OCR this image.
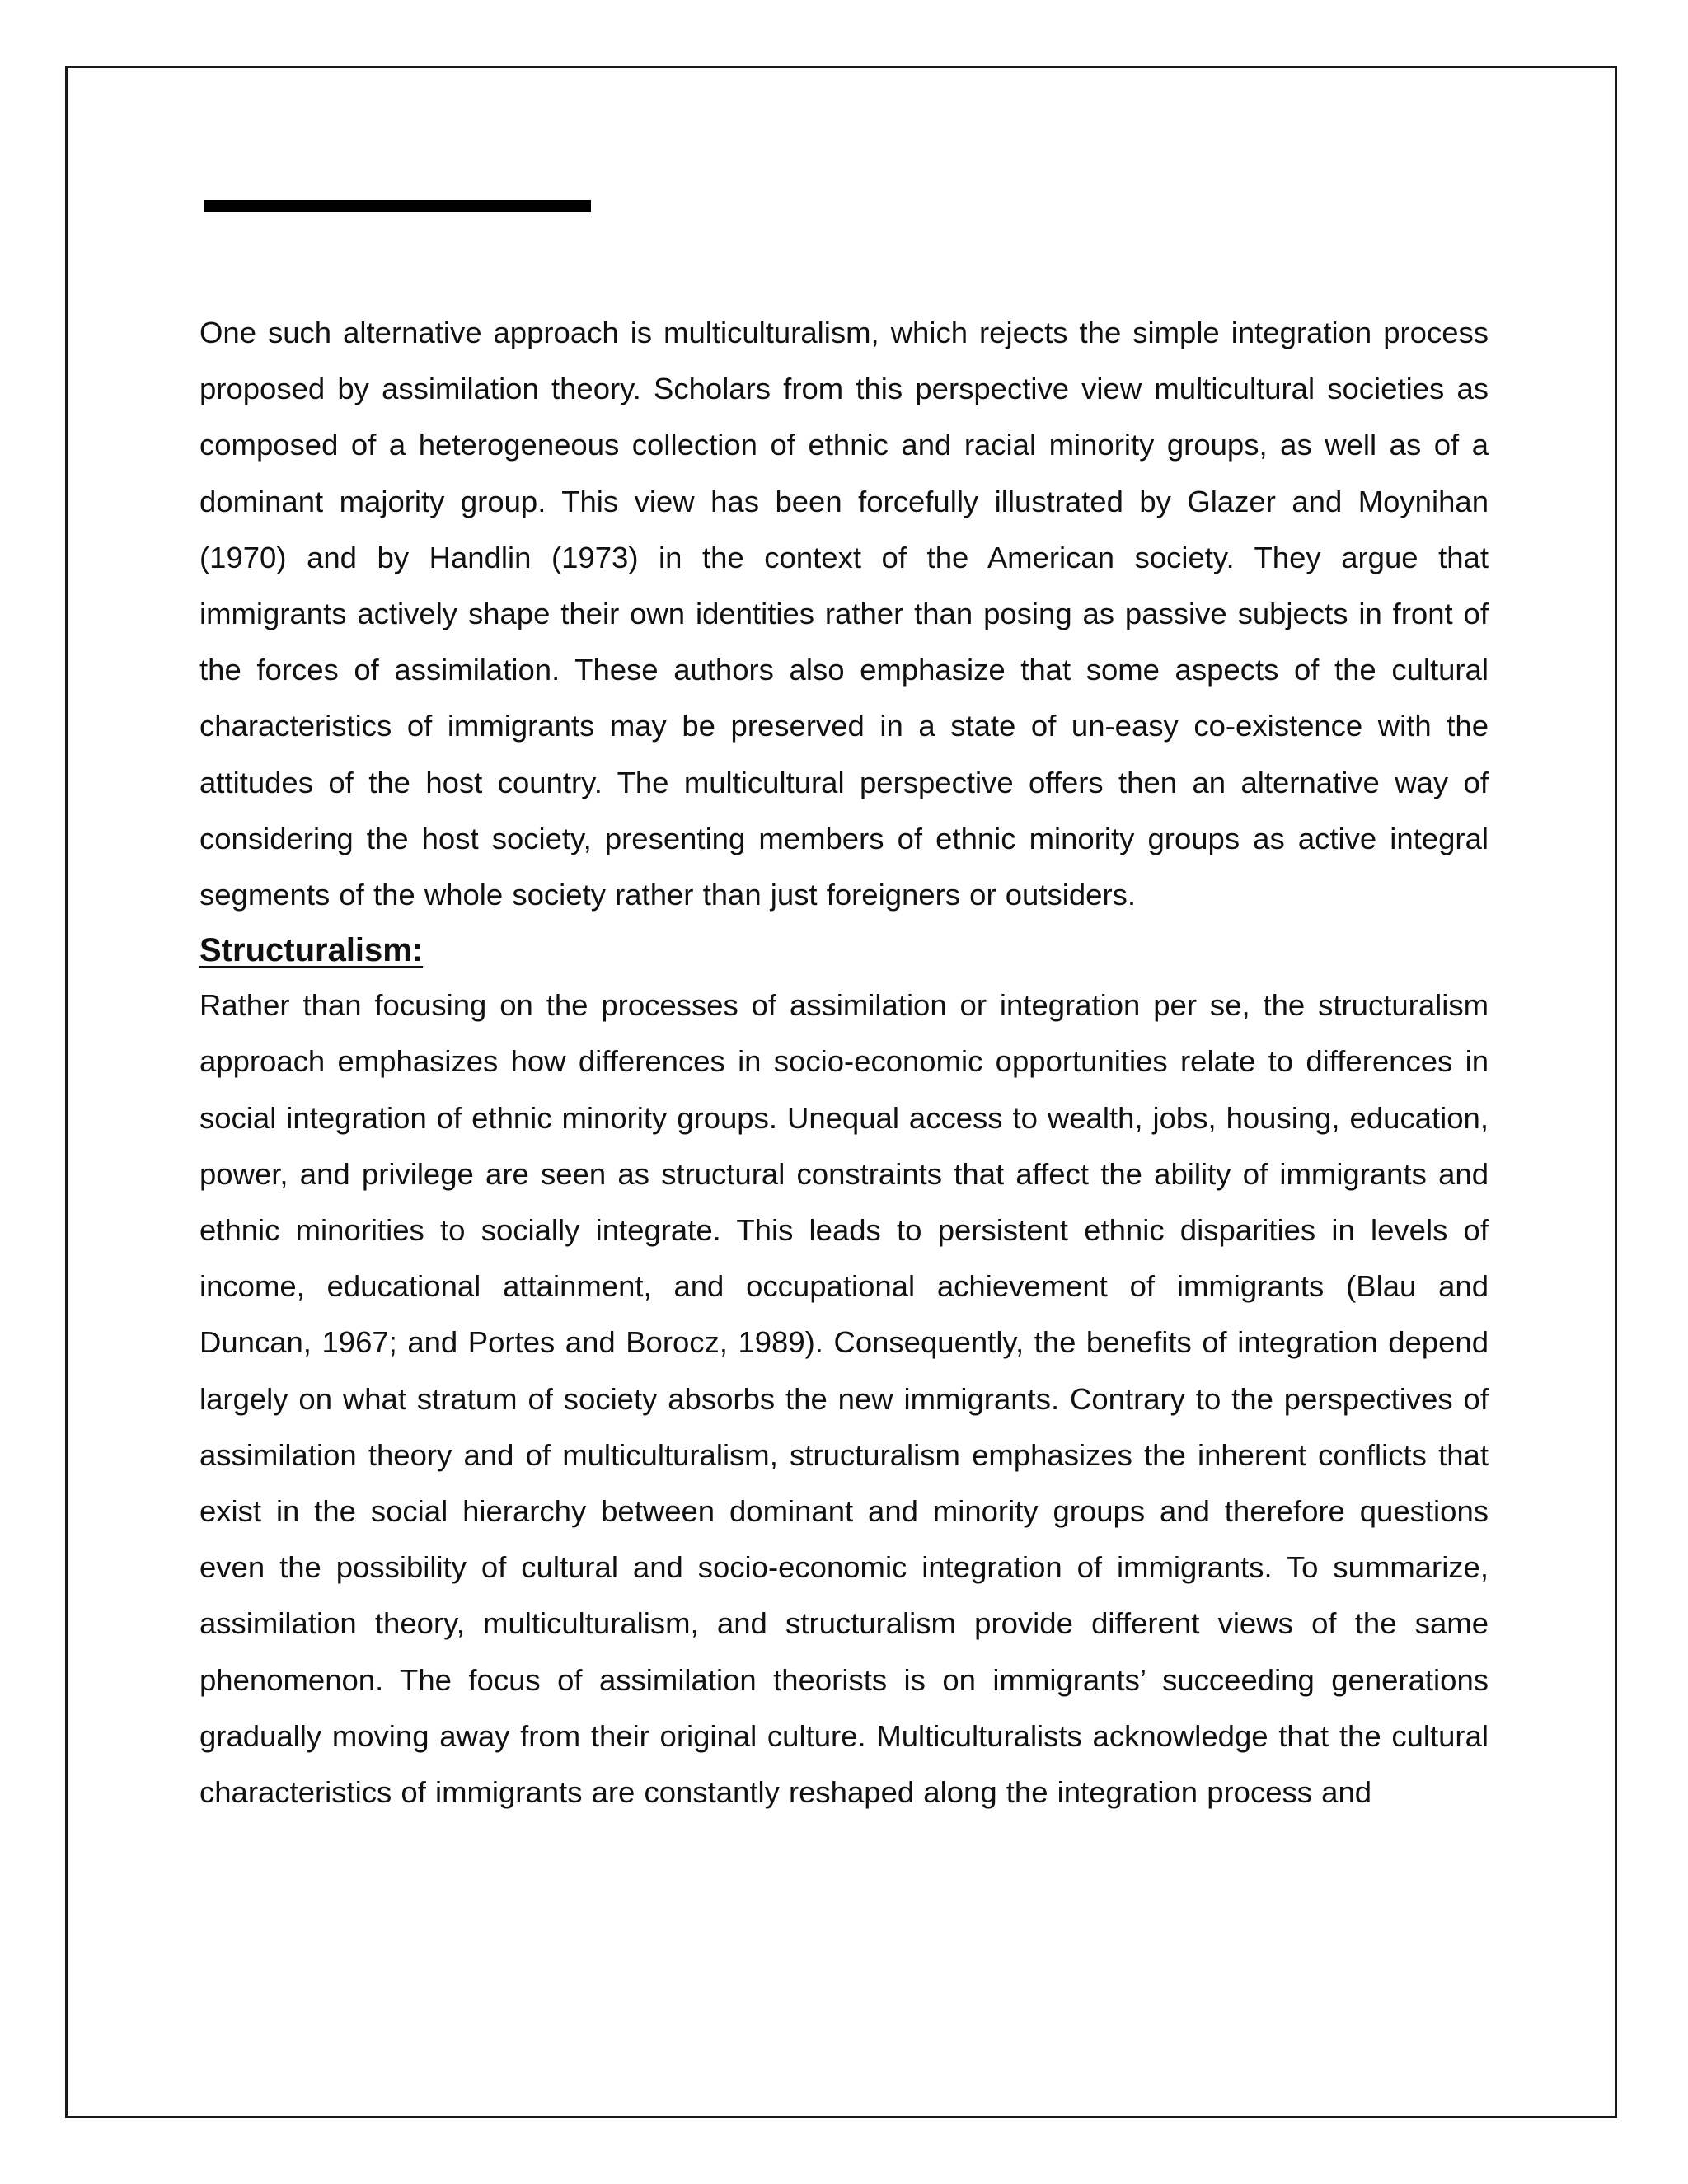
One such alternative approach is multiculturalism, which rejects the simple integration process proposed by assimilation theory. Scholars from this perspective view multicultural societies as composed of a heterogeneous collection of ethnic and racial minority groups, as well as of a dominant majority group. This view has been forcefully illustrated by Glazer and Moynihan (1970) and by Handlin (1973) in the context of the American society. They argue that immigrants actively shape their own identities rather than posing as passive subjects in front of the forces of assimilation. These authors also emphasize that some aspects of the cultural characteristics of immigrants may be preserved in a state of un-easy co-existence with the attitudes of the host country. The multicultural perspective offers then an alternative way of considering the host society, presenting members of ethnic minority groups as active integral segments of the whole society rather than just foreigners or outsiders.

Structuralism:

Rather than focusing on the processes of assimilation or integration per se, the structuralism approach emphasizes how differences in socio-economic opportunities relate to differences in social integration of ethnic minority groups. Unequal access to wealth, jobs, housing, education, power, and privilege are seen as structural constraints that affect the ability of immigrants and ethnic minorities to socially integrate. This leads to persistent ethnic disparities in levels of income, educational attainment, and occupational achievement of immigrants (Blau and Duncan, 1967; and Portes and Borocz, 1989). Consequently, the benefits of integration depend largely on what stratum of society absorbs the new immigrants. Contrary to the perspectives of assimilation theory and of multiculturalism, structuralism emphasizes the inherent conflicts that exist in the social hierarchy between dominant and minority groups and therefore questions even the possibility of cultural and socio-economic integration of immigrants. To summarize, assimilation theory, multiculturalism, and structuralism provide different views of the same phenomenon. The focus of assimilation theorists is on immigrants’ succeeding generations gradually moving away from their original culture. Multiculturalists acknowledge that the cultural characteristics of immigrants are constantly reshaped along the integration process and
